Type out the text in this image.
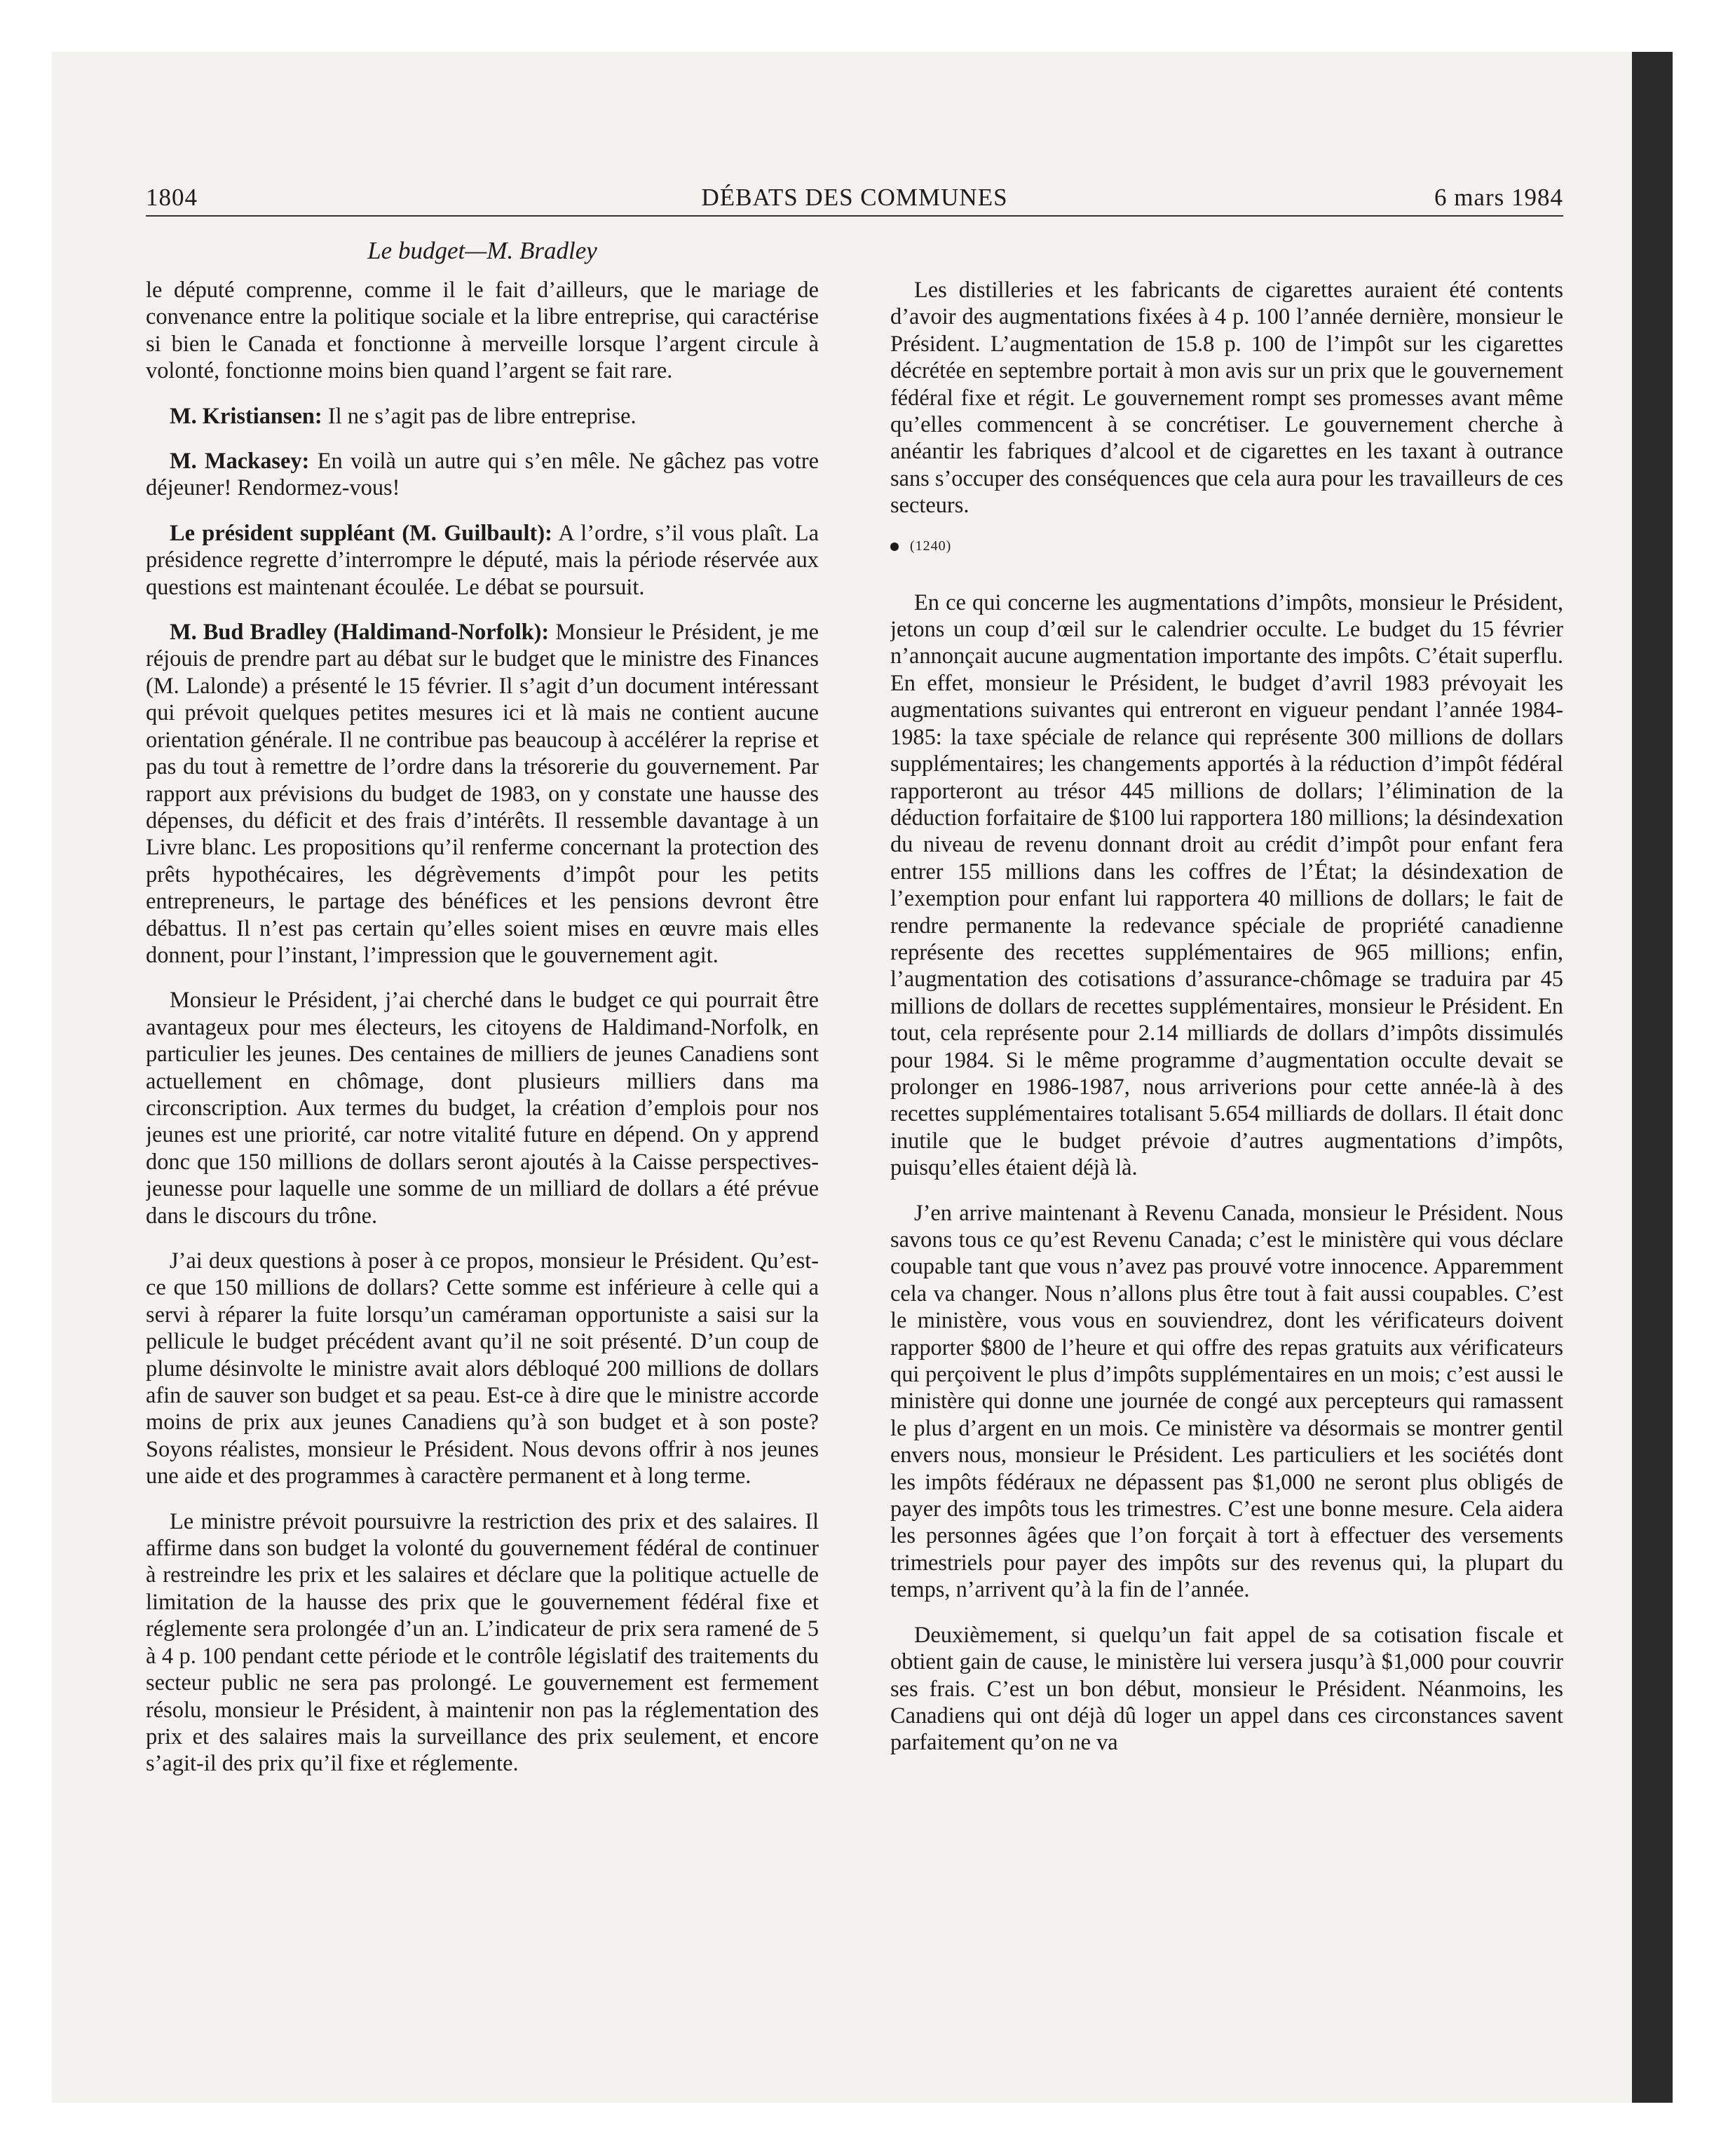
1804	DÉBATS DES COMMUNES	6 mars 1984
Le budget—M. Bradley

le député comprenne, comme il le fait d’ailleurs, que le mariage de convenance entre la politique sociale et la libre entreprise, qui caractérise si bien le Canada et fonctionne à merveille lorsque l’argent circule à volonté, fonctionne moins bien quand l’argent se fait rare.

M. Kristiansen: Il ne s’agit pas de libre entreprise.

M. Mackasey: En voilà un autre qui s’en mêle. Ne gâchez pas votre déjeuner! Rendormez-vous!

Le président suppléant (M. Guilbault): A l’ordre, s’il vous plaît. La présidence regrette d’interrompre le député, mais la période réservée aux questions est maintenant écoulée. Le débat se poursuit.

M. Bud Bradley (Haldimand-Norfolk): Monsieur le Président, je me réjouis de prendre part au débat sur le budget que le ministre des Finances (M. Lalonde) a présenté le 15 février. Il s’agit d’un document intéressant qui prévoit quelques petites mesures ici et là mais ne contient aucune orientation générale. Il ne contribue pas beaucoup à accélérer la reprise et pas du tout à remettre de l’ordre dans la trésorerie du gouvernement. Par rapport aux prévisions du budget de 1983, on y constate une hausse des dépenses, du déficit et des frais d’intérêts. Il ressemble davantage à un Livre blanc. Les propositions qu’il renferme concernant la protection des prêts hypothécaires, les dégrèvements d’impôt pour les petits entrepreneurs, le partage des bénéfices et les pensions devront être débattus. Il n’est pas certain qu’elles soient mises en œuvre mais elles donnent, pour l’instant, l’impression que le gouvernement agit.

Monsieur le Président, j’ai cherché dans le budget ce qui pourrait être avantageux pour mes électeurs, les citoyens de Haldimand-Norfolk, en particulier les jeunes. Des centaines de milliers de jeunes Canadiens sont actuellement en chômage, dont plusieurs milliers dans ma circonscription. Aux termes du budget, la création d’emplois pour nos jeunes est une priorité, car notre vitalité future en dépend. On y apprend donc que 150 millions de dollars seront ajoutés à la Caisse perspectives-jeunesse pour laquelle une somme de un milliard de dollars a été prévue dans le discours du trône.

J’ai deux questions à poser à ce propos, monsieur le Président. Qu’est-ce que 150 millions de dollars? Cette somme est inférieure à celle qui a servi à réparer la fuite lorsqu’un caméraman opportuniste a saisi sur la pellicule le budget précédent avant qu’il ne soit présenté. D’un coup de plume désinvolte le ministre avait alors débloqué 200 millions de dollars afin de sauver son budget et sa peau. Est-ce à dire que le ministre accorde moins de prix aux jeunes Canadiens qu’à son budget et à son poste? Soyons réalistes, monsieur le Président. Nous devons offrir à nos jeunes une aide et des programmes à caractère permanent et à long terme.

Le ministre prévoit poursuivre la restriction des prix et des salaires. Il affirme dans son budget la volonté du gouvernement fédéral de continuer à restreindre les prix et les salaires et déclare que la politique actuelle de limitation de la hausse des prix que le gouvernement fédéral fixe et réglemente sera prolongée d’un an. L’indicateur de prix sera ramené de 5 à 4 p. 100 pendant cette période et le contrôle législatif des traitements du secteur public ne sera pas prolongé. Le gouvernement est fermement résolu, monsieur le Président, à maintenir non pas la réglementation des prix et des salaires mais la surveillance des prix seulement, et encore s’agit-il des prix qu’il fixe et réglemente.

Les distilleries et les fabricants de cigarettes auraient été contents d’avoir des augmentations fixées à 4 p. 100 l’année dernière, monsieur le Président. L’augmentation de 15.8 p. 100 de l’impôt sur les cigarettes décrétée en septembre portait à mon avis sur un prix que le gouvernement fédéral fixe et régit. Le gouvernement rompt ses promesses avant même qu’elles commencent à se concrétiser. Le gouvernement cherche à anéantir les fabriques d’alcool et de cigarettes en les taxant à outrance sans s’occuper des conséquences que cela aura pour les travailleurs de ces secteurs.

(1240)

En ce qui concerne les augmentations d’impôts, monsieur le Président, jetons un coup d’œil sur le calendrier occulte. Le budget du 15 février n’annonçait aucune augmentation importante des impôts. C’était superflu. En effet, monsieur le Président, le budget d’avril 1983 prévoyait les augmentations suivantes qui entreront en vigueur pendant l’année 1984-1985: la taxe spéciale de relance qui représente 300 millions de dollars supplémentaires; les changements apportés à la réduction d’impôt fédéral rapporteront au trésor 445 millions de dollars; l’élimination de la déduction forfaitaire de $100 lui rapportera 180 millions; la désindexation du niveau de revenu donnant droit au crédit d’impôt pour enfant fera entrer 155 millions dans les coffres de l’État; la désindexation de l’exemption pour enfant lui rapportera 40 millions de dollars; le fait de rendre permanente la redevance spéciale de propriété canadienne représente des recettes supplémentaires de 965 millions; enfin, l’augmentation des cotisations d’assurance-chômage se traduira par 45 millions de dollars de recettes supplémentaires, monsieur le Président. En tout, cela représente pour 2.14 milliards de dollars d’impôts dissimulés pour 1984. Si le même programme d’augmentation occulte devait se prolonger en 1986-1987, nous arriverions pour cette année-là à des recettes supplémentaires totalisant 5.654 milliards de dollars. Il était donc inutile que le budget prévoie d’autres augmentations d’impôts, puisqu’elles étaient déjà là.

J’en arrive maintenant à Revenu Canada, monsieur le Président. Nous savons tous ce qu’est Revenu Canada; c’est le ministère qui vous déclare coupable tant que vous n’avez pas prouvé votre innocence. Apparemment cela va changer. Nous n’allons plus être tout à fait aussi coupables. C’est le ministère, vous vous en souviendrez, dont les vérificateurs doivent rapporter $800 de l’heure et qui offre des repas gratuits aux vérificateurs qui perçoivent le plus d’impôts supplémentaires en un mois; c’est aussi le ministère qui donne une journée de congé aux percepteurs qui ramassent le plus d’argent en un mois. Ce ministère va désormais se montrer gentil envers nous, monsieur le Président. Les particuliers et les sociétés dont les impôts fédéraux ne dépassent pas $1,000 ne seront plus obligés de payer des impôts tous les trimestres. C’est une bonne mesure. Cela aidera les personnes âgées que l’on forçait à tort à effectuer des versements trimestriels pour payer des impôts sur des revenus qui, la plupart du temps, n’arrivent qu’à la fin de l’année.

Deuxièmement, si quelqu’un fait appel de sa cotisation fiscale et obtient gain de cause, le ministère lui versera jusqu’à $1,000 pour couvrir ses frais. C’est un bon début, monsieur le Président. Néanmoins, les Canadiens qui ont déjà dû loger un appel dans ces circonstances savent parfaitement qu’on ne va
